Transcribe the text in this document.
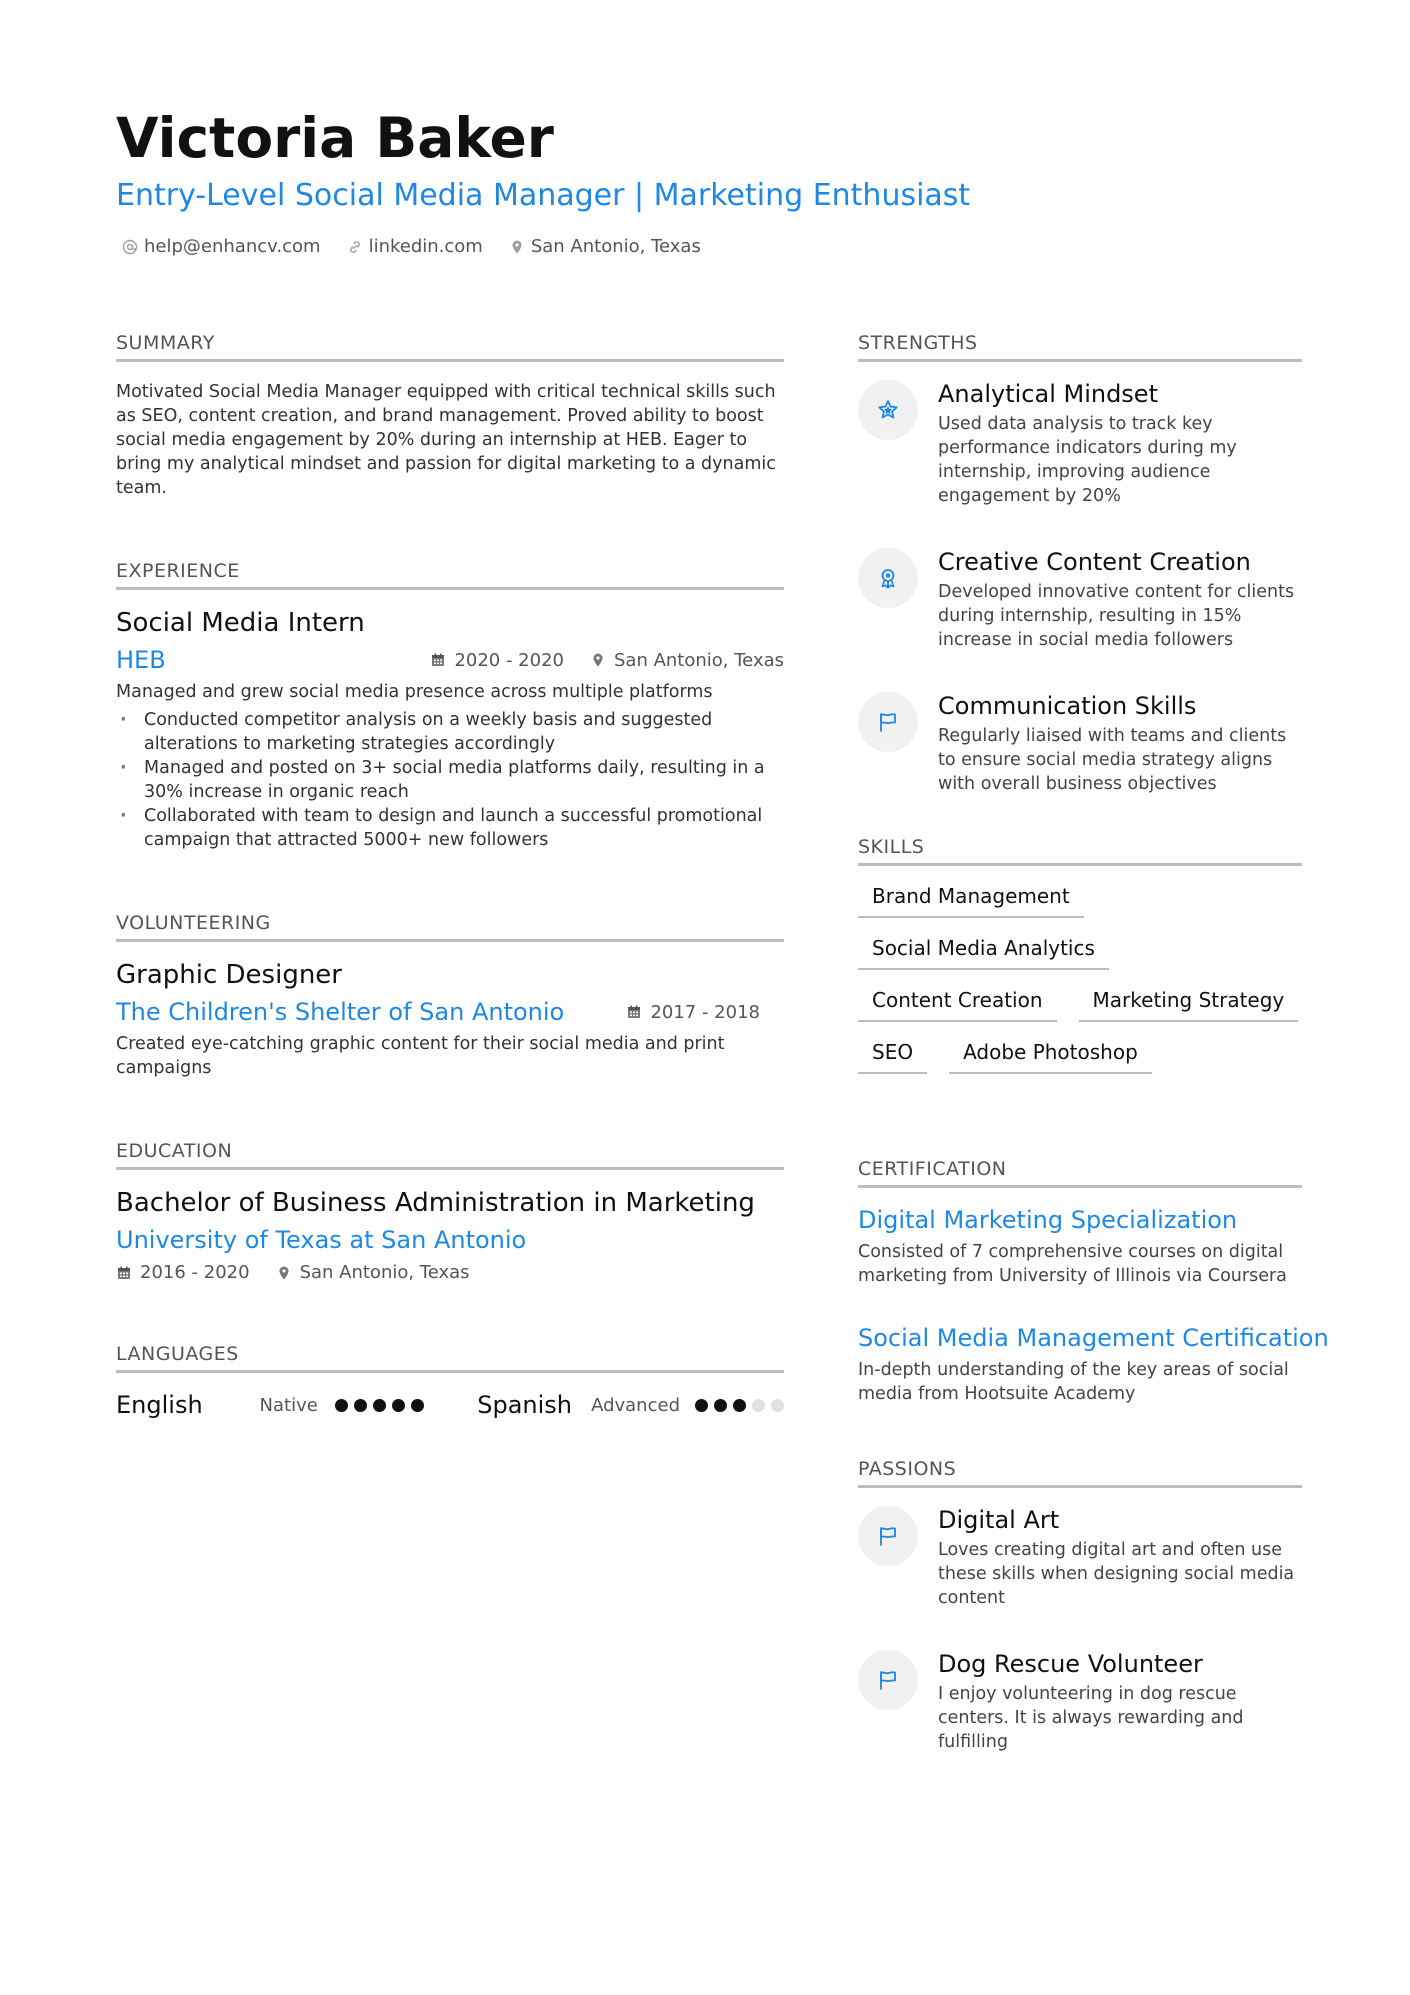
Victoria Baker
Entry-Level Social Media Manager | Marketing Enthusiast
help@enhancv.com	linkedin.com	San Antonio, Texas
SUMMARY
Motivated Social Media Manager equipped with critical technical skills such as SEO, content creation, and brand management. Proved ability to boost social media engagement by 20% during an internship at HEB. Eager to bring my analytical mindset and passion for digital marketing to a dynamic team.
EXPERIENCE
Social Media Intern
HEB	2020 - 2020	San Antonio, Texas
Managed and grew social media presence across multiple platforms
· Conducted competitor analysis on a weekly basis and suggested alterations to marketing strategies accordingly
· Managed and posted on 3+ social media platforms daily, resulting in a 30% increase in organic reach
· Collaborated with team to design and launch a successful promotional campaign that attracted 5000+ new followers
VOLUNTEERING
Graphic Designer
The Children's Shelter of San Antonio	2017 - 2018
Created eye-catching graphic content for their social media and print campaigns
EDUCATION
Bachelor of Business Administration in Marketing
University of Texas at San Antonio
2016 - 2020	San Antonio, Texas
LANGUAGES
English	Native	Spanish	Advanced
STRENGTHS
Analytical Mindset
Used data analysis to track key performance indicators during my internship, improving audience engagement by 20%
Creative Content Creation
Developed innovative content for clients during internship, resulting in 15% increase in social media followers
Communication Skills
Regularly liaised with teams and clients to ensure social media strategy aligns with overall business objectives
SKILLS
Brand Management
Social Media Analytics
Content Creation	Marketing Strategy
SEO	Adobe Photoshop
CERTIFICATION
Digital Marketing Specialization
Consisted of 7 comprehensive courses on digital marketing from University of Illinois via Coursera
Social Media Management Certification
In-depth understanding of the key areas of social media from Hootsuite Academy
PASSIONS
Digital Art
Loves creating digital art and often use these skills when designing social media content
Dog Rescue Volunteer
I enjoy volunteering in dog rescue centers. It is always rewarding and fulfilling
